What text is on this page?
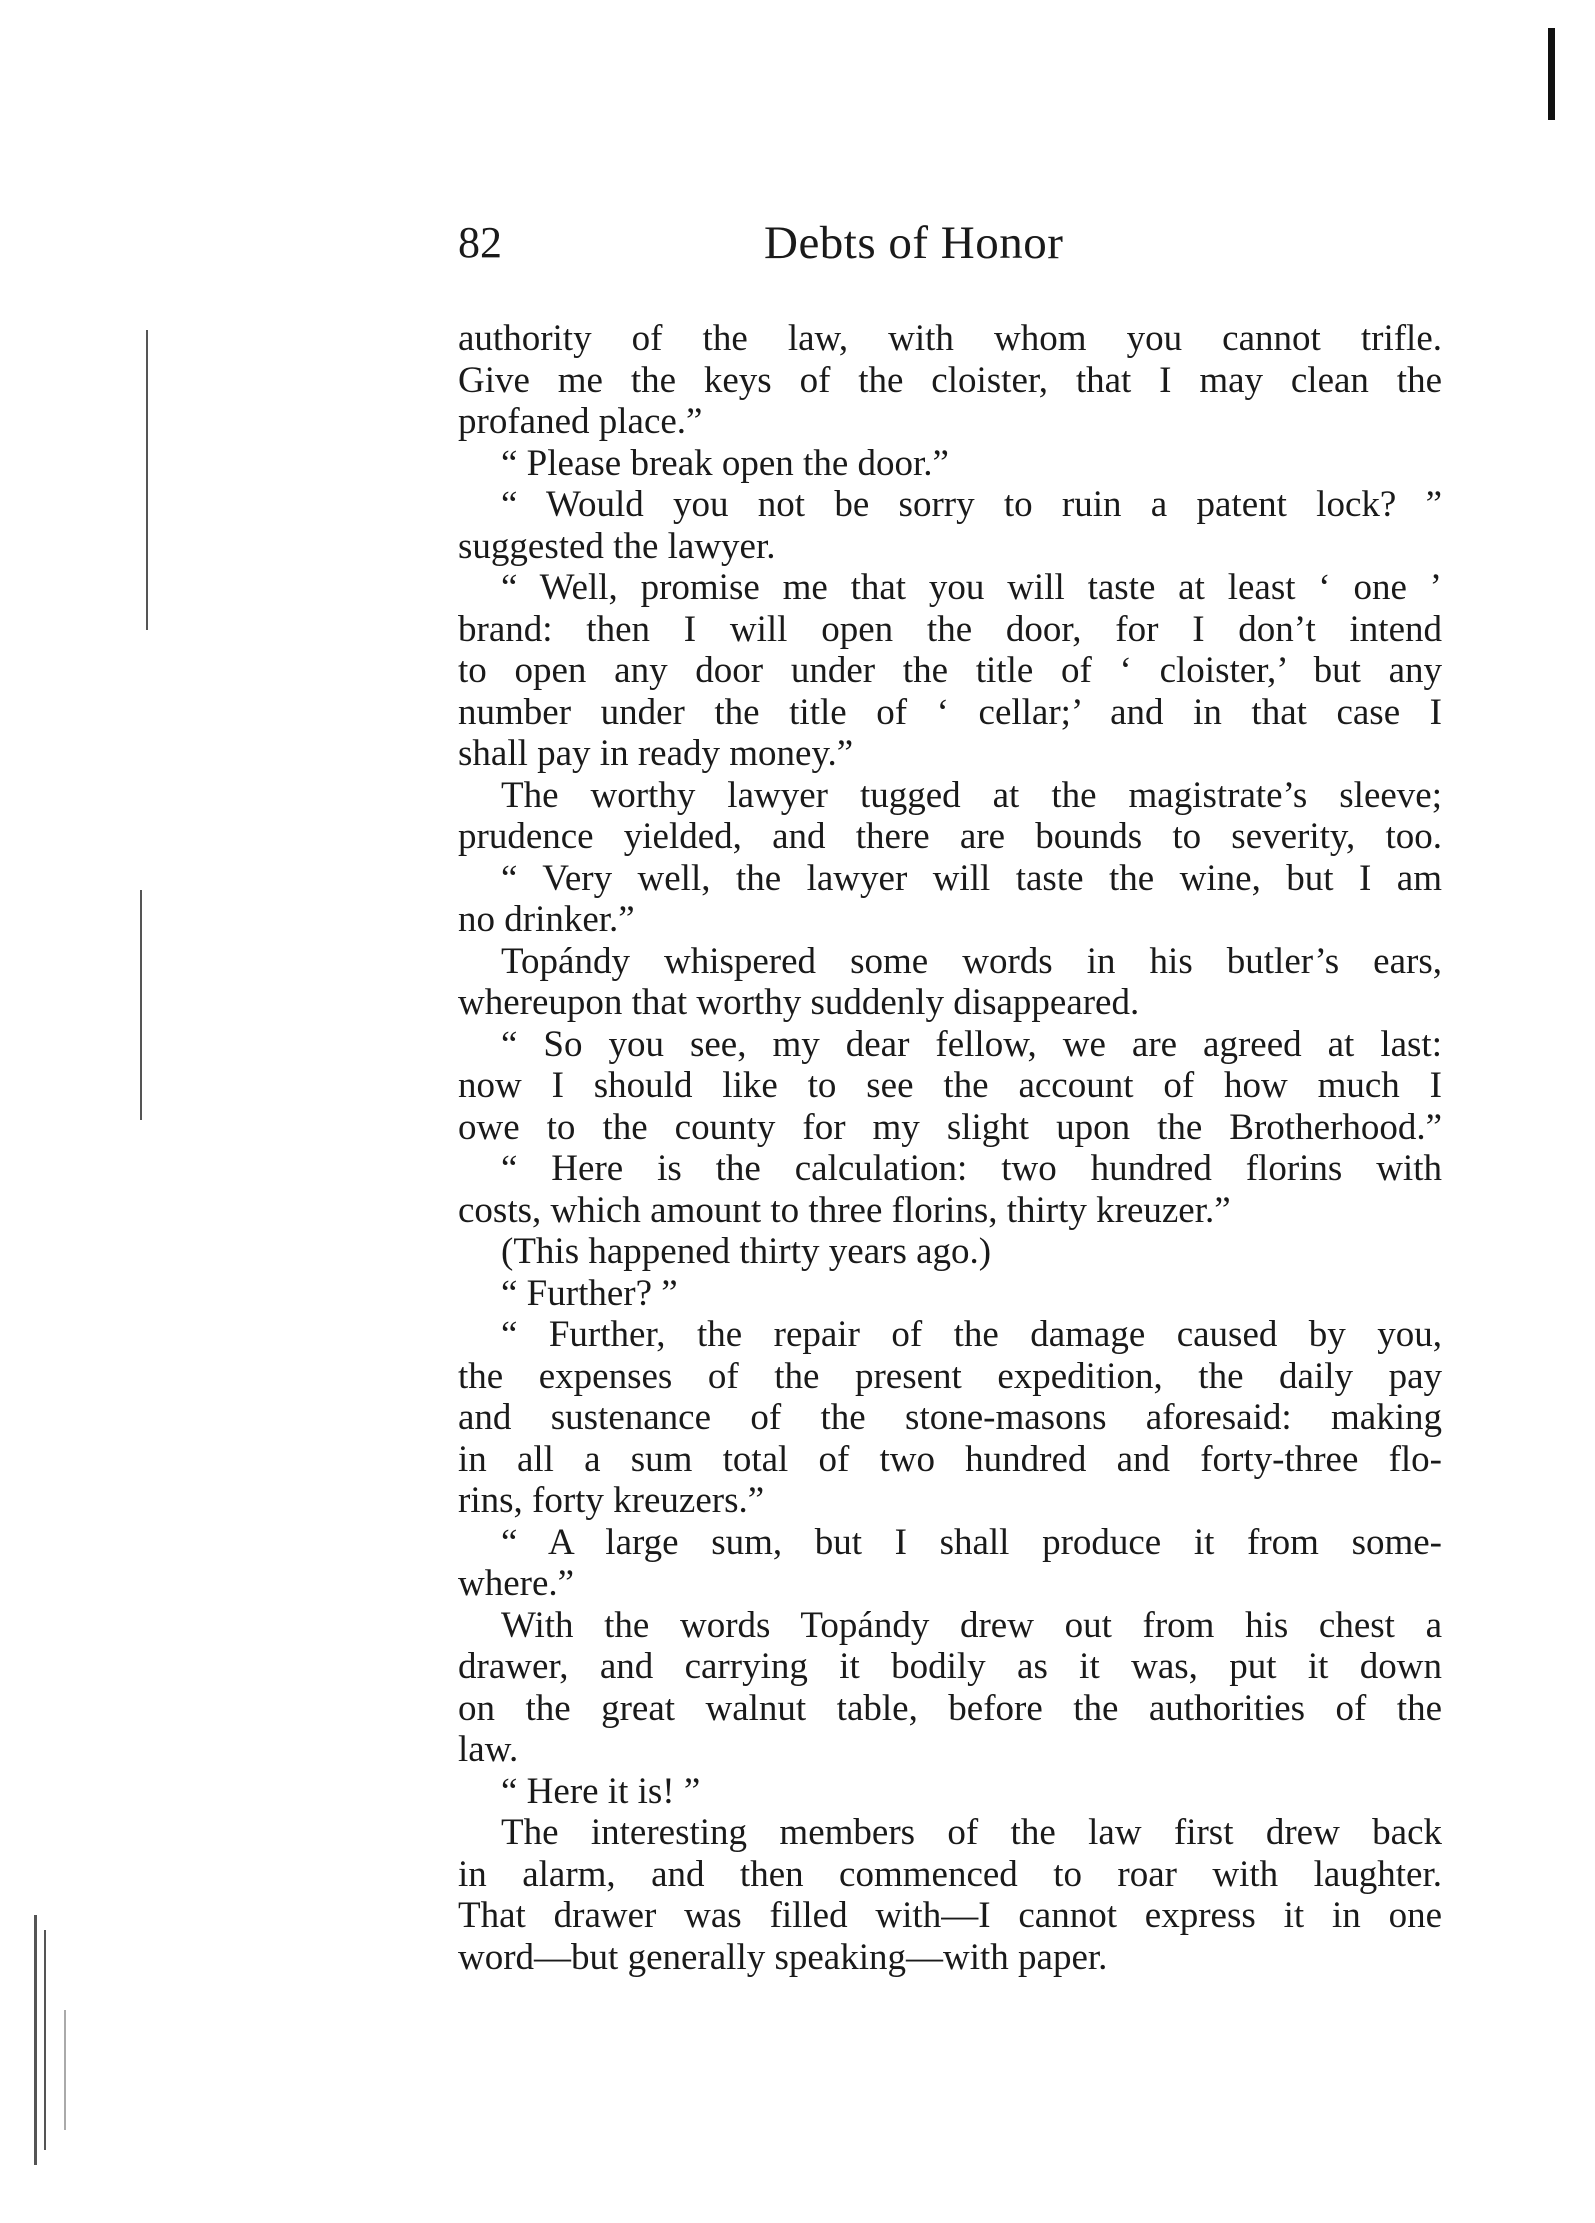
82	Debts of Honor
authority of the law, with whom you cannot trifle.
Give me the keys of the cloister, that I may clean the
profaned place.”
“ Please break open the door.”
“ Would you not be sorry to ruin a patent lock? ”
suggested the lawyer.
“ Well, promise me that you will taste at least ‘ one ’
brand: then I will open the door, for I don’t intend
to open any door under the title of ‘ cloister,’ but any
number under the title of ‘ cellar;’ and in that case I
shall pay in ready money.”
The worthy lawyer tugged at the magistrate’s sleeve;
prudence yielded, and there are bounds to severity, too.
“ Very well, the lawyer will taste the wine, but I am
no drinker.”
Topándy whispered some words in his butler’s ears,
whereupon that worthy suddenly disappeared.
“ So you see, my dear fellow, we are agreed at last:
now I should like to see the account of how much I
owe to the county for my slight upon the Brotherhood.”
“ Here is the calculation: two hundred florins with
costs, which amount to three florins, thirty kreuzer.”
(This happened thirty years ago.)
“ Further? ”
“ Further, the repair of the damage caused by you,
the expenses of the present expedition, the daily pay
and sustenance of the stone-masons aforesaid: making
in all a sum total of two hundred and forty-three flo-
rins, forty kreuzers.”
“ A large sum, but I shall produce it from some-
where.”
With the words Topándy drew out from his chest a
drawer, and carrying it bodily as it was, put it down
on the great walnut table, before the authorities of the
law.
“ Here it is! ”
The interesting members of the law first drew back
in alarm, and then commenced to roar with laughter.
That drawer was filled with—I cannot express it in one
word—but generally speaking—with paper.
